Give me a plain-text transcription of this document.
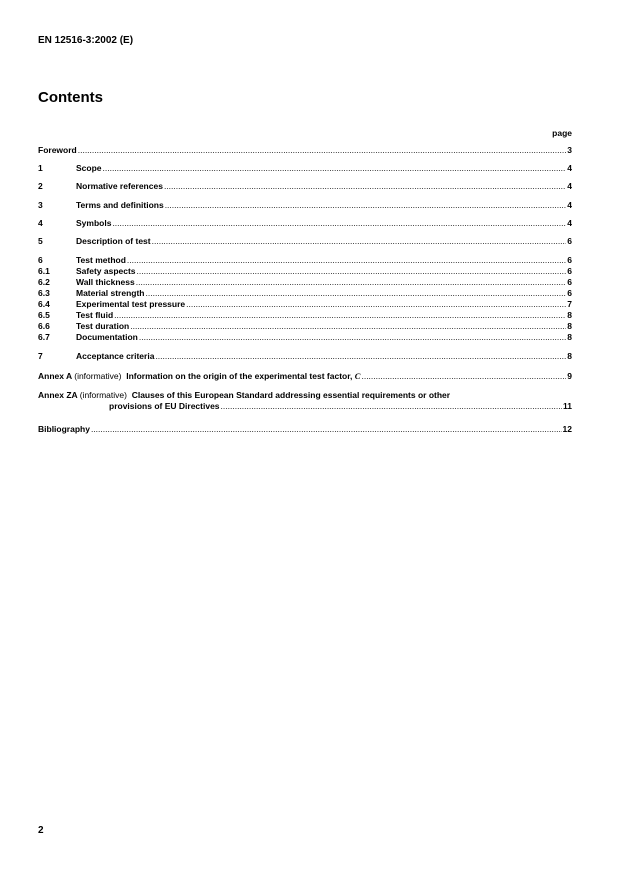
EN 12516-3:2002 (E)
Contents
page
Foreword .....	3
1	Scope .....	4
2	Normative references .....	4
3	Terms and definitions .....	4
4	Symbols .....	4
5	Description of test .....	6
6	Test method .....	6
6.1	Safety aspects .....	6
6.2	Wall thickness .....	6
6.3	Material strength .....	6
6.4	Experimental test pressure .....	7
6.5	Test fluid .....	8
6.6	Test duration .....	8
6.7	Documentation .....	8
7	Acceptance criteria .....	8
Annex A (informative) Information on the origin of the experimental test factor, C .....	9
Annex ZA (informative) Clauses of this European Standard addressing essential requirements or other
provisions of EU Directives .....	11
Bibliography .....	12
2
